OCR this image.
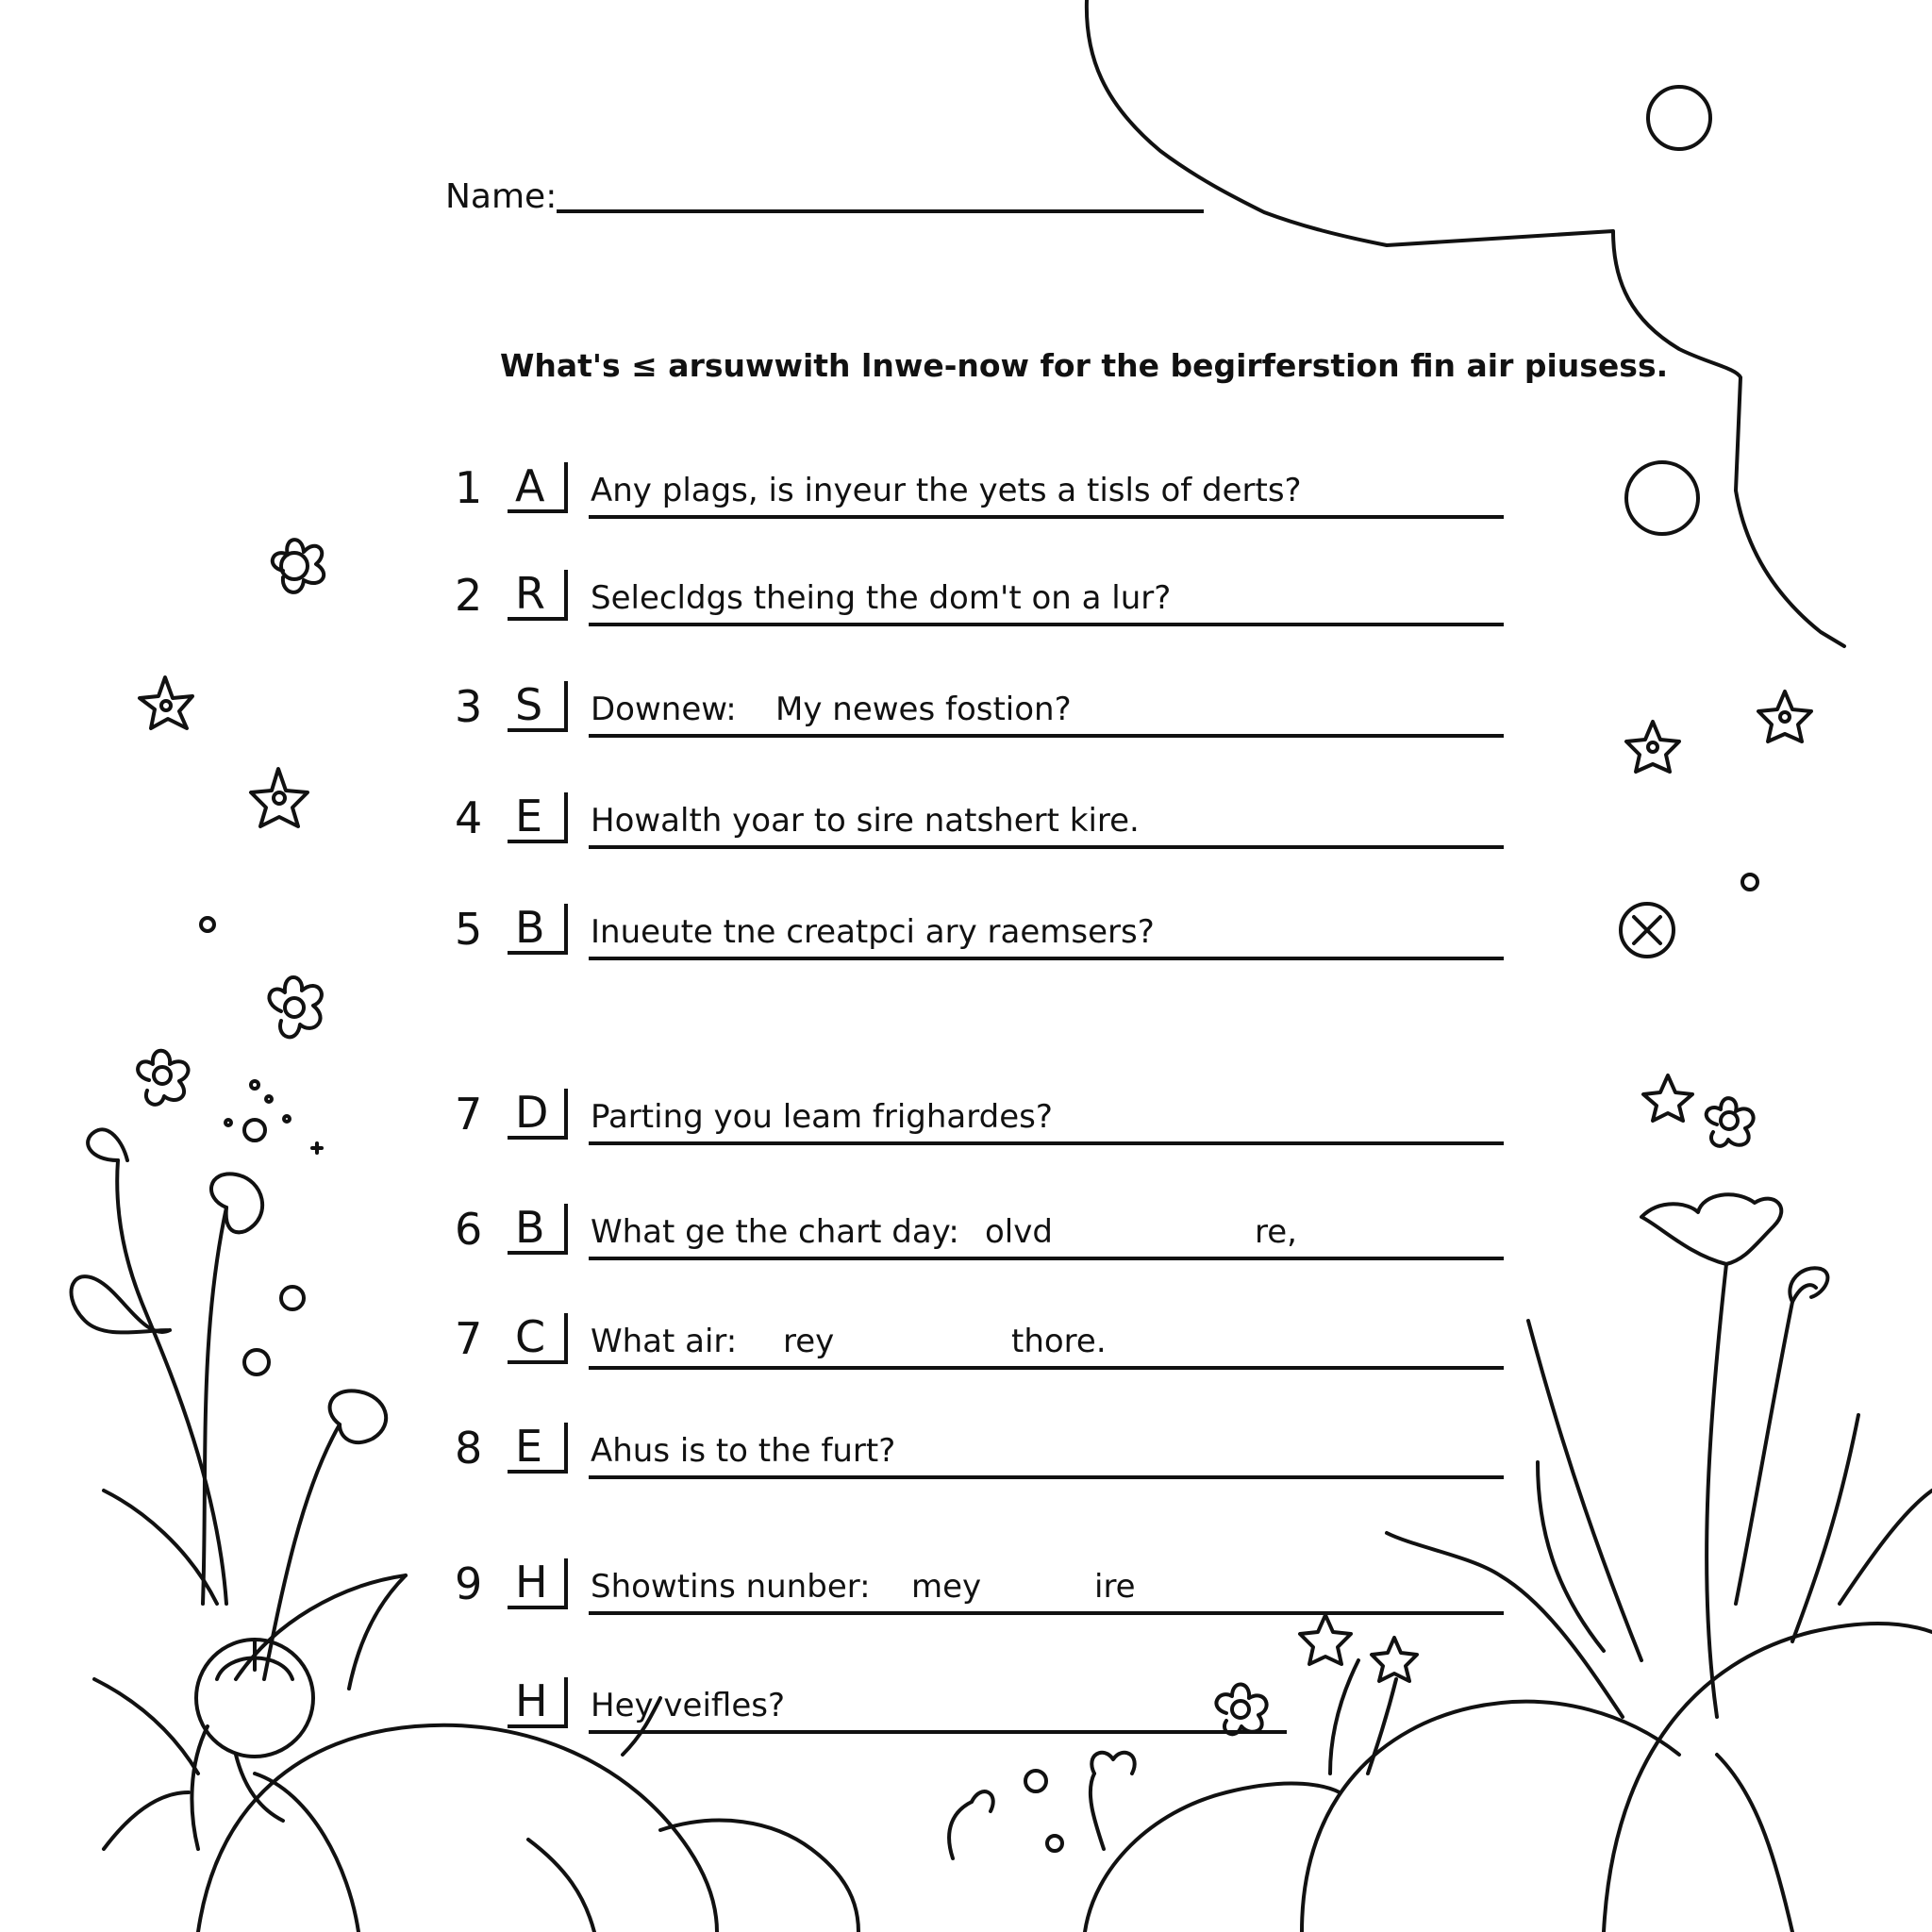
Name:
What's ≤ arsuwwith lnwe-now for the begirferstion fin air piusess.
1 A	Any plags, is inyeur the yets a tisls of derts?
2 R	Selecldgs theing the dom't on a lur?
3 S	Downew: My newes fostion?
4 E	Howalth yoar to sire natshert kire.
5 B	Inueute tne creatpci ary raemsers?
7 D	Parting you leam frighardes?
6 B	What ge the chart day: olvd	re,
7 C	What air: rey	thore.
8 E	Ahus is to the furt?
9 H	Showtins nunber: mey	ire
H	Hey veifles?
